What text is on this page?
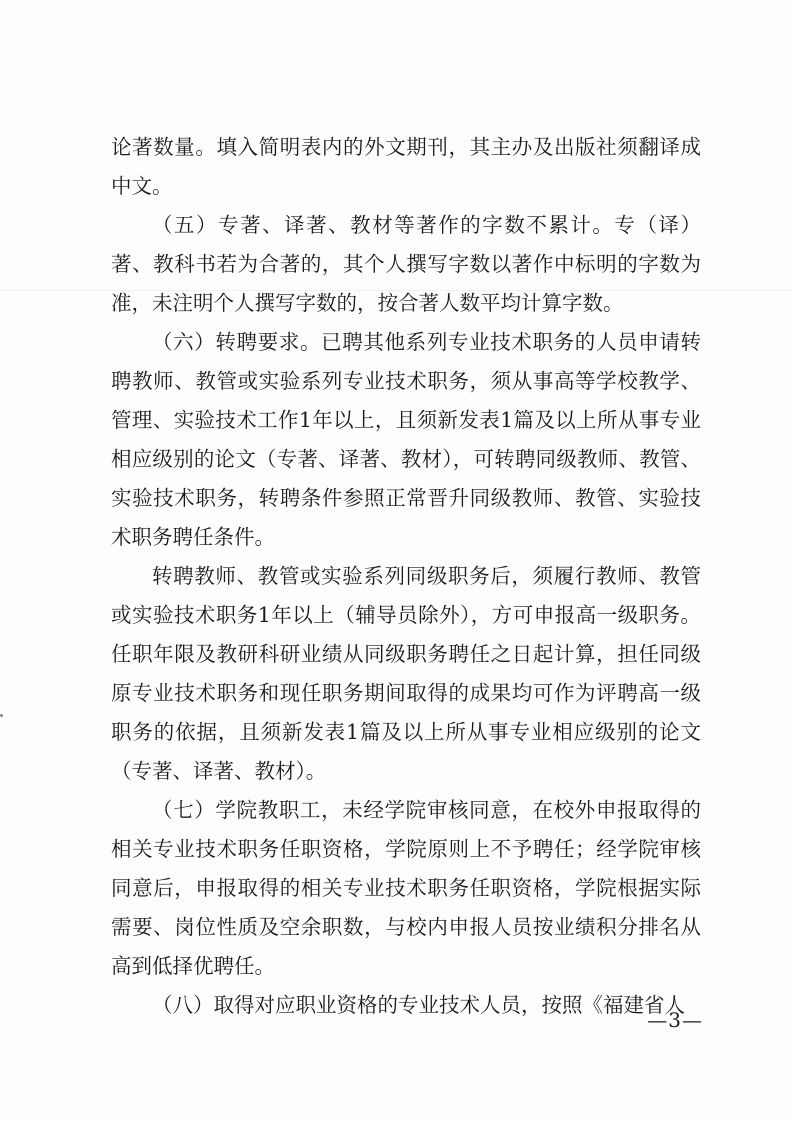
论著数量。填入简明表内的外文期刊，其主办及出版社须翻译成中文。

（五）专著、译著、教材等著作的字数不累计。专（译）著、教科书若为合著的，其个人撰写字数以著作中标明的字数为准，未注明个人撰写字数的，按合著人数平均计算字数。

（六）转聘要求。已聘其他系列专业技术职务的人员申请转聘教师、教管或实验系列专业技术职务，须从事高等学校教学、管理、实验技术工作1年以上，且须新发表1篇及以上所从事专业相应级别的论文（专著、译著、教材），可转聘同级教师、教管、实验技术职务，转聘条件参照正常晋升同级教师、教管、实验技术职务聘任条件。

转聘教师、教管或实验系列同级职务后，须履行教师、教管或实验技术职务1年以上（辅导员除外），方可申报高一级职务。任职年限及教研科研业绩从同级职务聘任之日起计算，担任同级原专业技术职务和现任职务期间取得的成果均可作为评聘高一级职务的依据，且须新发表1篇及以上所从事专业相应级别的论文（专著、译著、教材）。

（七）学院教职工，未经学院审核同意，在校外申报取得的相关专业技术职务任职资格，学院原则上不予聘任；经学院审核同意后，申报取得的相关专业技术职务任职资格，学院根据实际需要、岗位性质及空余职数，与校内申报人员按业绩积分排名从高到低择优聘任。

（八）取得对应职业资格的专业技术人员，按照《福建省人

—3—
